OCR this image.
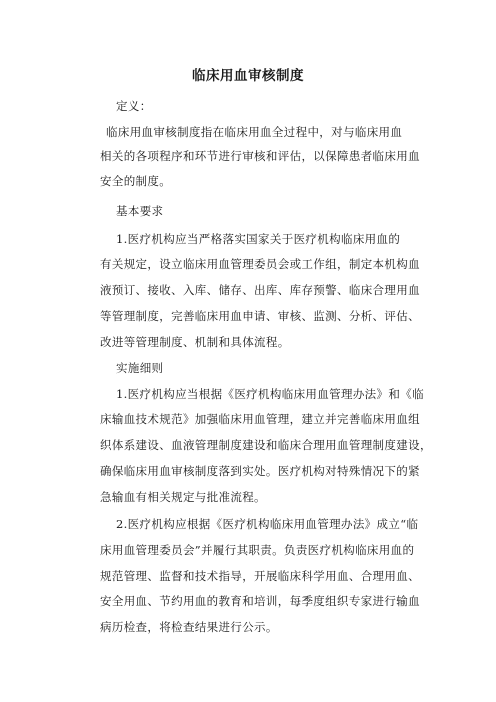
临床用血审核制度
定义：
临床用血审核制度指在临床用血全过程中，对与临床用血
相关的各项程序和环节进行审核和评估，以保障患者临床用血
安全的制度。
基本要求
1.医疗机构应当严格落实国家关于医疗机构临床用血的
有关规定，设立临床用血管理委员会或工作组，制定本机构血
液预订、接收、入库、储存、出库、库存预警、临床合理用血
等管理制度，完善临床用血申请、审核、监测、分析、评估、
改进等管理制度、机制和具体流程。
实施细则
1.医疗机构应当根据《医疗机构临床用血管理办法》和《临
床输血技术规范》加强临床用血管理，建立并完善临床用血组
织体系建设、血液管理制度建设和临床合理用血管理制度建设，
确保临床用血审核制度落到实处。医疗机构对特殊情况下的紧
急输血有相关规定与批准流程。
2.医疗机构应根据《医疗机构临床用血管理办法》成立“临
床用血管理委员会”并履行其职责。负责医疗机构临床用血的
规范管理、监督和技术指导，开展临床科学用血、合理用血、
安全用血、节约用血的教育和培训，每季度组织专家进行输血
病历检查，将检查结果进行公示。
